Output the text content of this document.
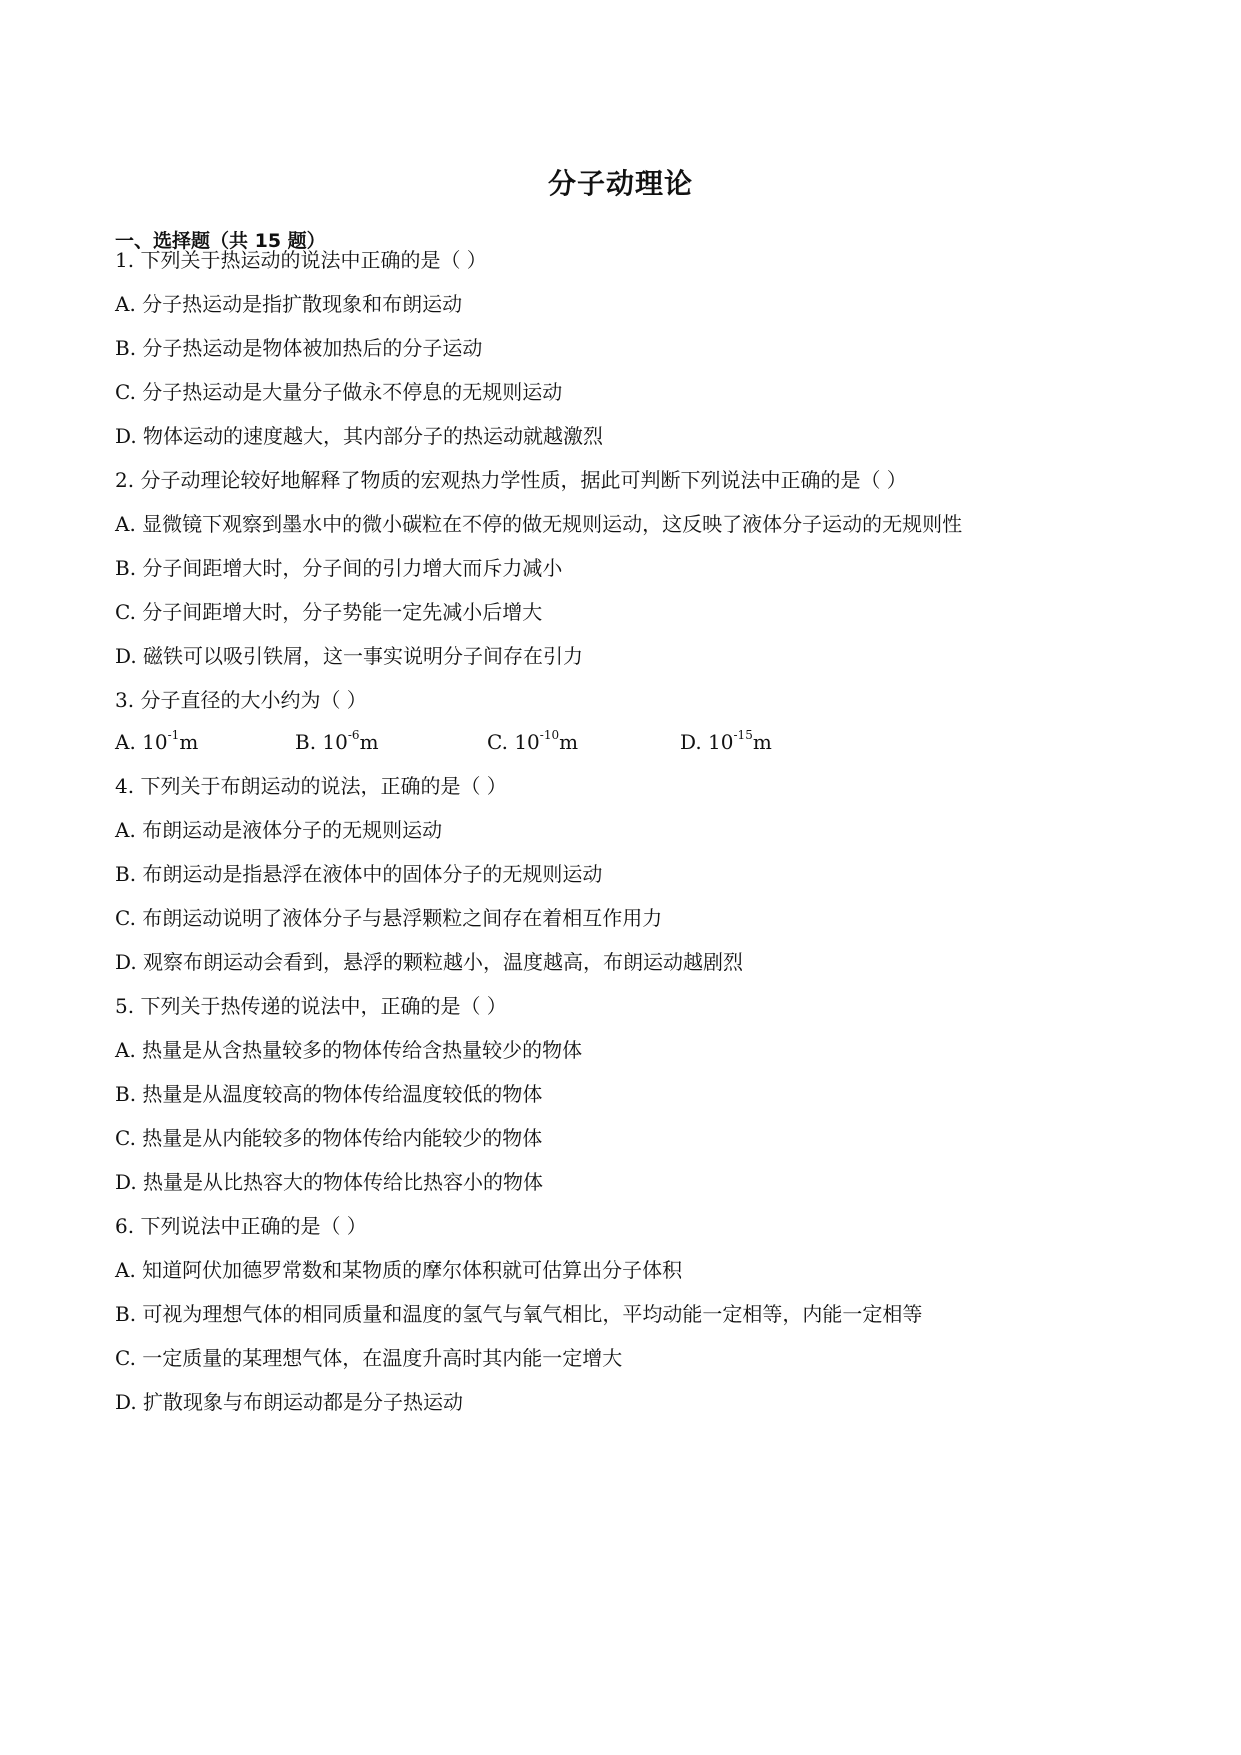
分子动理论
一、选择题（共 15 题）
1. 下列关于热运动的说法中正确的是（ ）
A. 分子热运动是指扩散现象和布朗运动
B. 分子热运动是物体被加热后的分子运动
C. 分子热运动是大量分子做永不停息的无规则运动
D. 物体运动的速度越大，其内部分子的热运动就越激烈
2. 分子动理论较好地解释了物质的宏观热力学性质，据此可判断下列说法中正确的是（ ）
A. 显微镜下观察到墨水中的微小碳粒在不停的做无规则运动，这反映了液体分子运动的无规则性
B. 分子间距增大时，分子间的引力增大而斥力减小
C. 分子间距增大时，分子势能一定先减小后增大
D. 磁铁可以吸引铁屑，这一事实说明分子间存在引力
3. 分子直径的大小约为（ ）
A. $10^{-1}m$	B. $10^{-6}m$	C. $10^{-10}m$	D. $10^{-15}m$
4. 下列关于布朗运动的说法，正确的是（ ）
A. 布朗运动是液体分子的无规则运动
B. 布朗运动是指悬浮在液体中的固体分子的无规则运动
C. 布朗运动说明了液体分子与悬浮颗粒之间存在着相互作用力
D. 观察布朗运动会看到，悬浮的颗粒越小，温度越高，布朗运动越剧烈
5. 下列关于热传递的说法中，正确的是（ ）
A. 热量是从含热量较多的物体传给含热量较少的物体
B. 热量是从温度较高的物体传给温度较低的物体
C. 热量是从内能较多的物体传给内能较少的物体
D. 热量是从比热容大的物体传给比热容小的物体
6. 下列说法中正确的是（ ）
A. 知道阿伏加德罗常数和某物质的摩尔体积就可估算出分子体积
B. 可视为理想气体的相同质量和温度的氢气与氧气相比，平均动能一定相等，内能一定相等
C. 一定质量的某理想气体，在温度升高时其内能一定增大
D. 扩散现象与布朗运动都是分子热运动
